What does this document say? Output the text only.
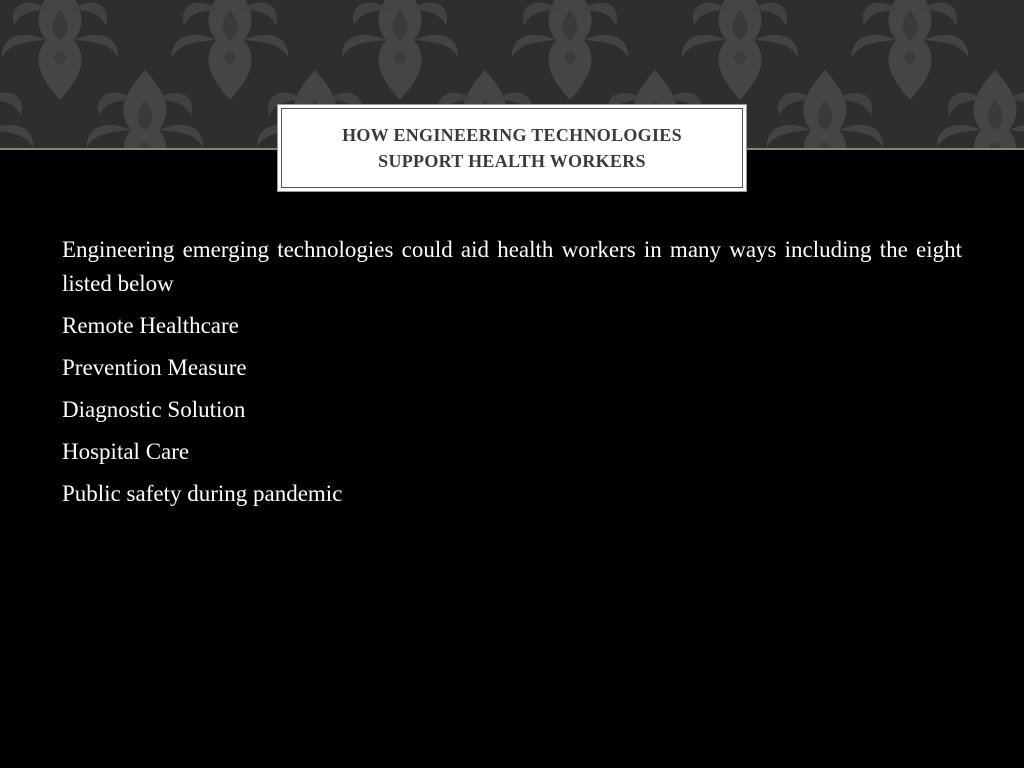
HOW ENGINEERING TECHNOLOGIES
SUPPORT HEALTH WORKERS

Engineering emerging technologies could aid health workers in many ways including the eight listed below

Remote Healthcare

Prevention Measure

Diagnostic Solution

Hospital Care

Public safety during pandemic
